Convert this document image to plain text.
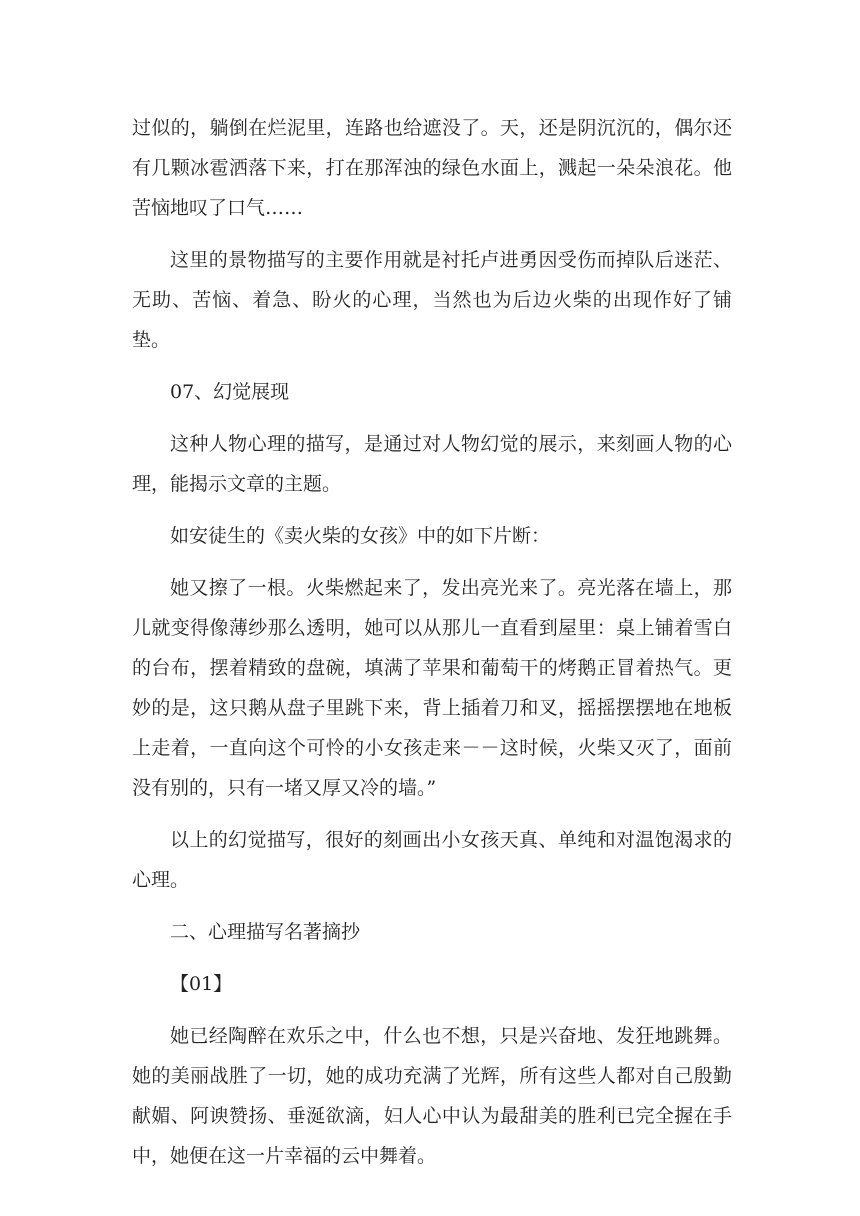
过似的，躺倒在烂泥里，连路也给遮没了。天，还是阴沉沉的，偶尔还有几颗冰雹洒落下来，打在那浑浊的绿色水面上，溅起一朵朵浪花。他苦恼地叹了口气……

这里的景物描写的主要作用就是衬托卢进勇因受伤而掉队后迷茫、无助、苦恼、着急、盼火的心理，当然也为后边火柴的出现作好了铺垫。

07、幻觉展现

这种人物心理的描写，是通过对人物幻觉的展示，来刻画人物的心理，能揭示文章的主题。

如安徒生的《卖火柴的女孩》中的如下片断：

她又擦了一根。火柴燃起来了，发出亮光来了。亮光落在墙上，那儿就变得像薄纱那么透明，她可以从那儿一直看到屋里：桌上铺着雪白的台布，摆着精致的盘碗，填满了苹果和葡萄干的烤鹅正冒着热气。更妙的是，这只鹅从盘子里跳下来，背上插着刀和叉，摇摇摆摆地在地板上走着，一直向这个可怜的小女孩走来－－这时候，火柴又灭了，面前没有别的，只有一堵又厚又冷的墙。”

以上的幻觉描写，很好的刻画出小女孩天真、单纯和对温饱渴求的心理。

二、心理描写名著摘抄

【01】

她已经陶醉在欢乐之中，什么也不想，只是兴奋地、发狂地跳舞。她的美丽战胜了一切，她的成功充满了光辉，所有这些人都对自己殷勤献媚、阿谀赞扬、垂涎欲滴，妇人心中认为最甜美的胜利已完全握在手中，她便在这一片幸福的云中舞着。
